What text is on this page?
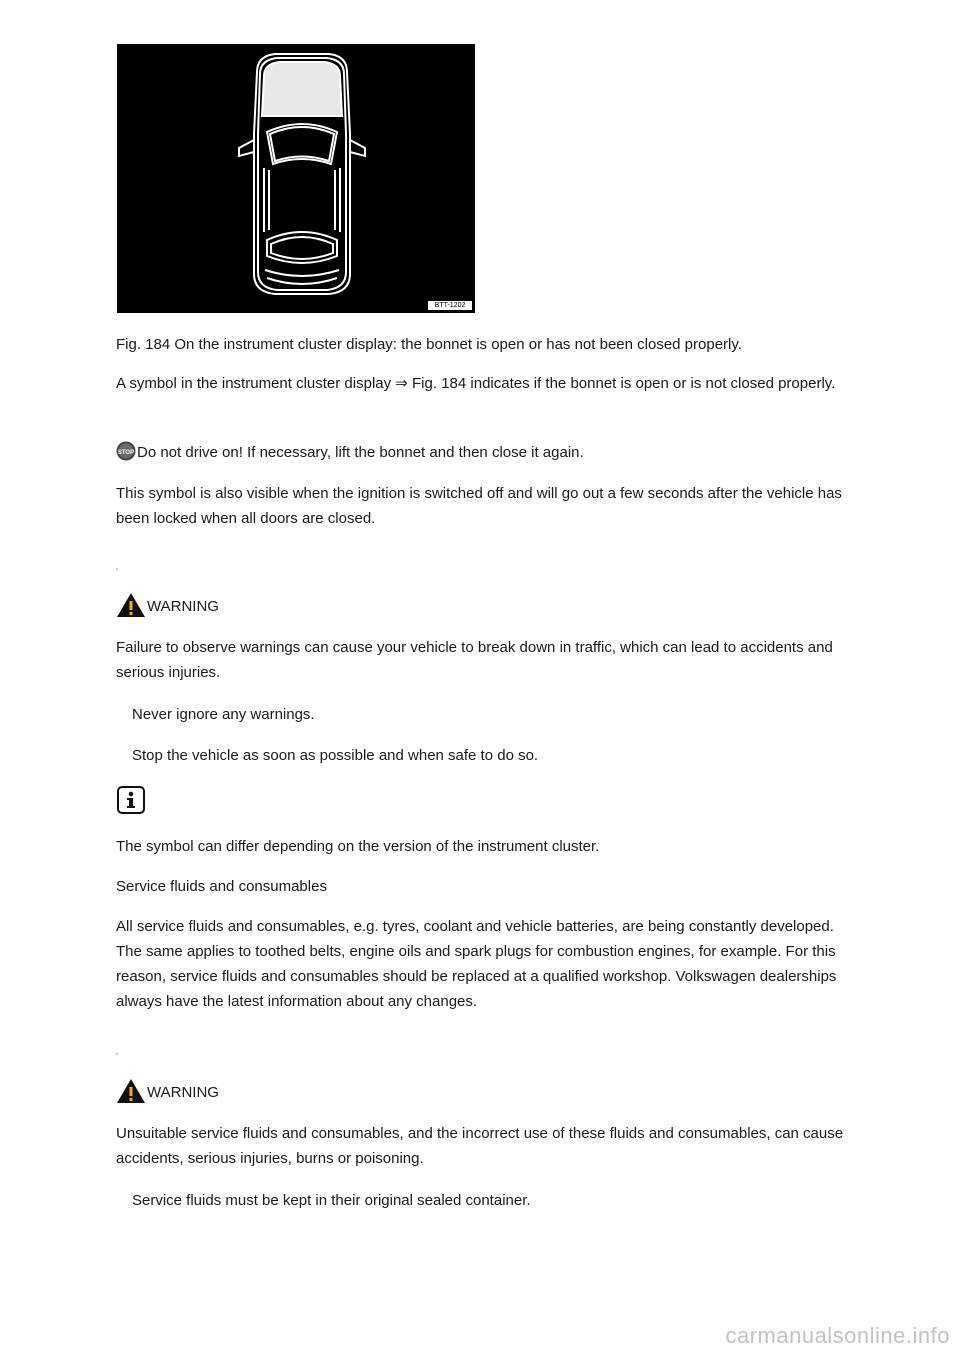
BTT-1202

Fig. 184 On the instrument cluster display: the bonnet is open or has not been closed properly.

A symbol in the instrument cluster display ⇒ Fig. 184 indicates if the bonnet is open or is not closed properly.

STOP Do not drive on! If necessary, lift the bonnet and then close it again.

This symbol is also visible when the ignition is switched off and will go out a few seconds after the vehicle has been locked when all doors are closed.

WARNING

Failure to observe warnings can cause your vehicle to break down in traffic, which can lead to accidents and serious injuries.

Never ignore any warnings.
Stop the vehicle as soon as possible and when safe to do so.

The symbol can differ depending on the version of the instrument cluster.

Service fluids and consumables

All service fluids and consumables, e.g. tyres, coolant and vehicle batteries, are being constantly developed. The same applies to toothed belts, engine oils and spark plugs for combustion engines, for example. For this reason, service fluids and consumables should be replaced at a qualified workshop. Volkswagen dealerships always have the latest information about any changes.

WARNING

Unsuitable service fluids and consumables, and the incorrect use of these fluids and consumables, can cause accidents, serious injuries, burns or poisoning.

Service fluids must be kept in their original sealed container.
carmanualsonline.info
